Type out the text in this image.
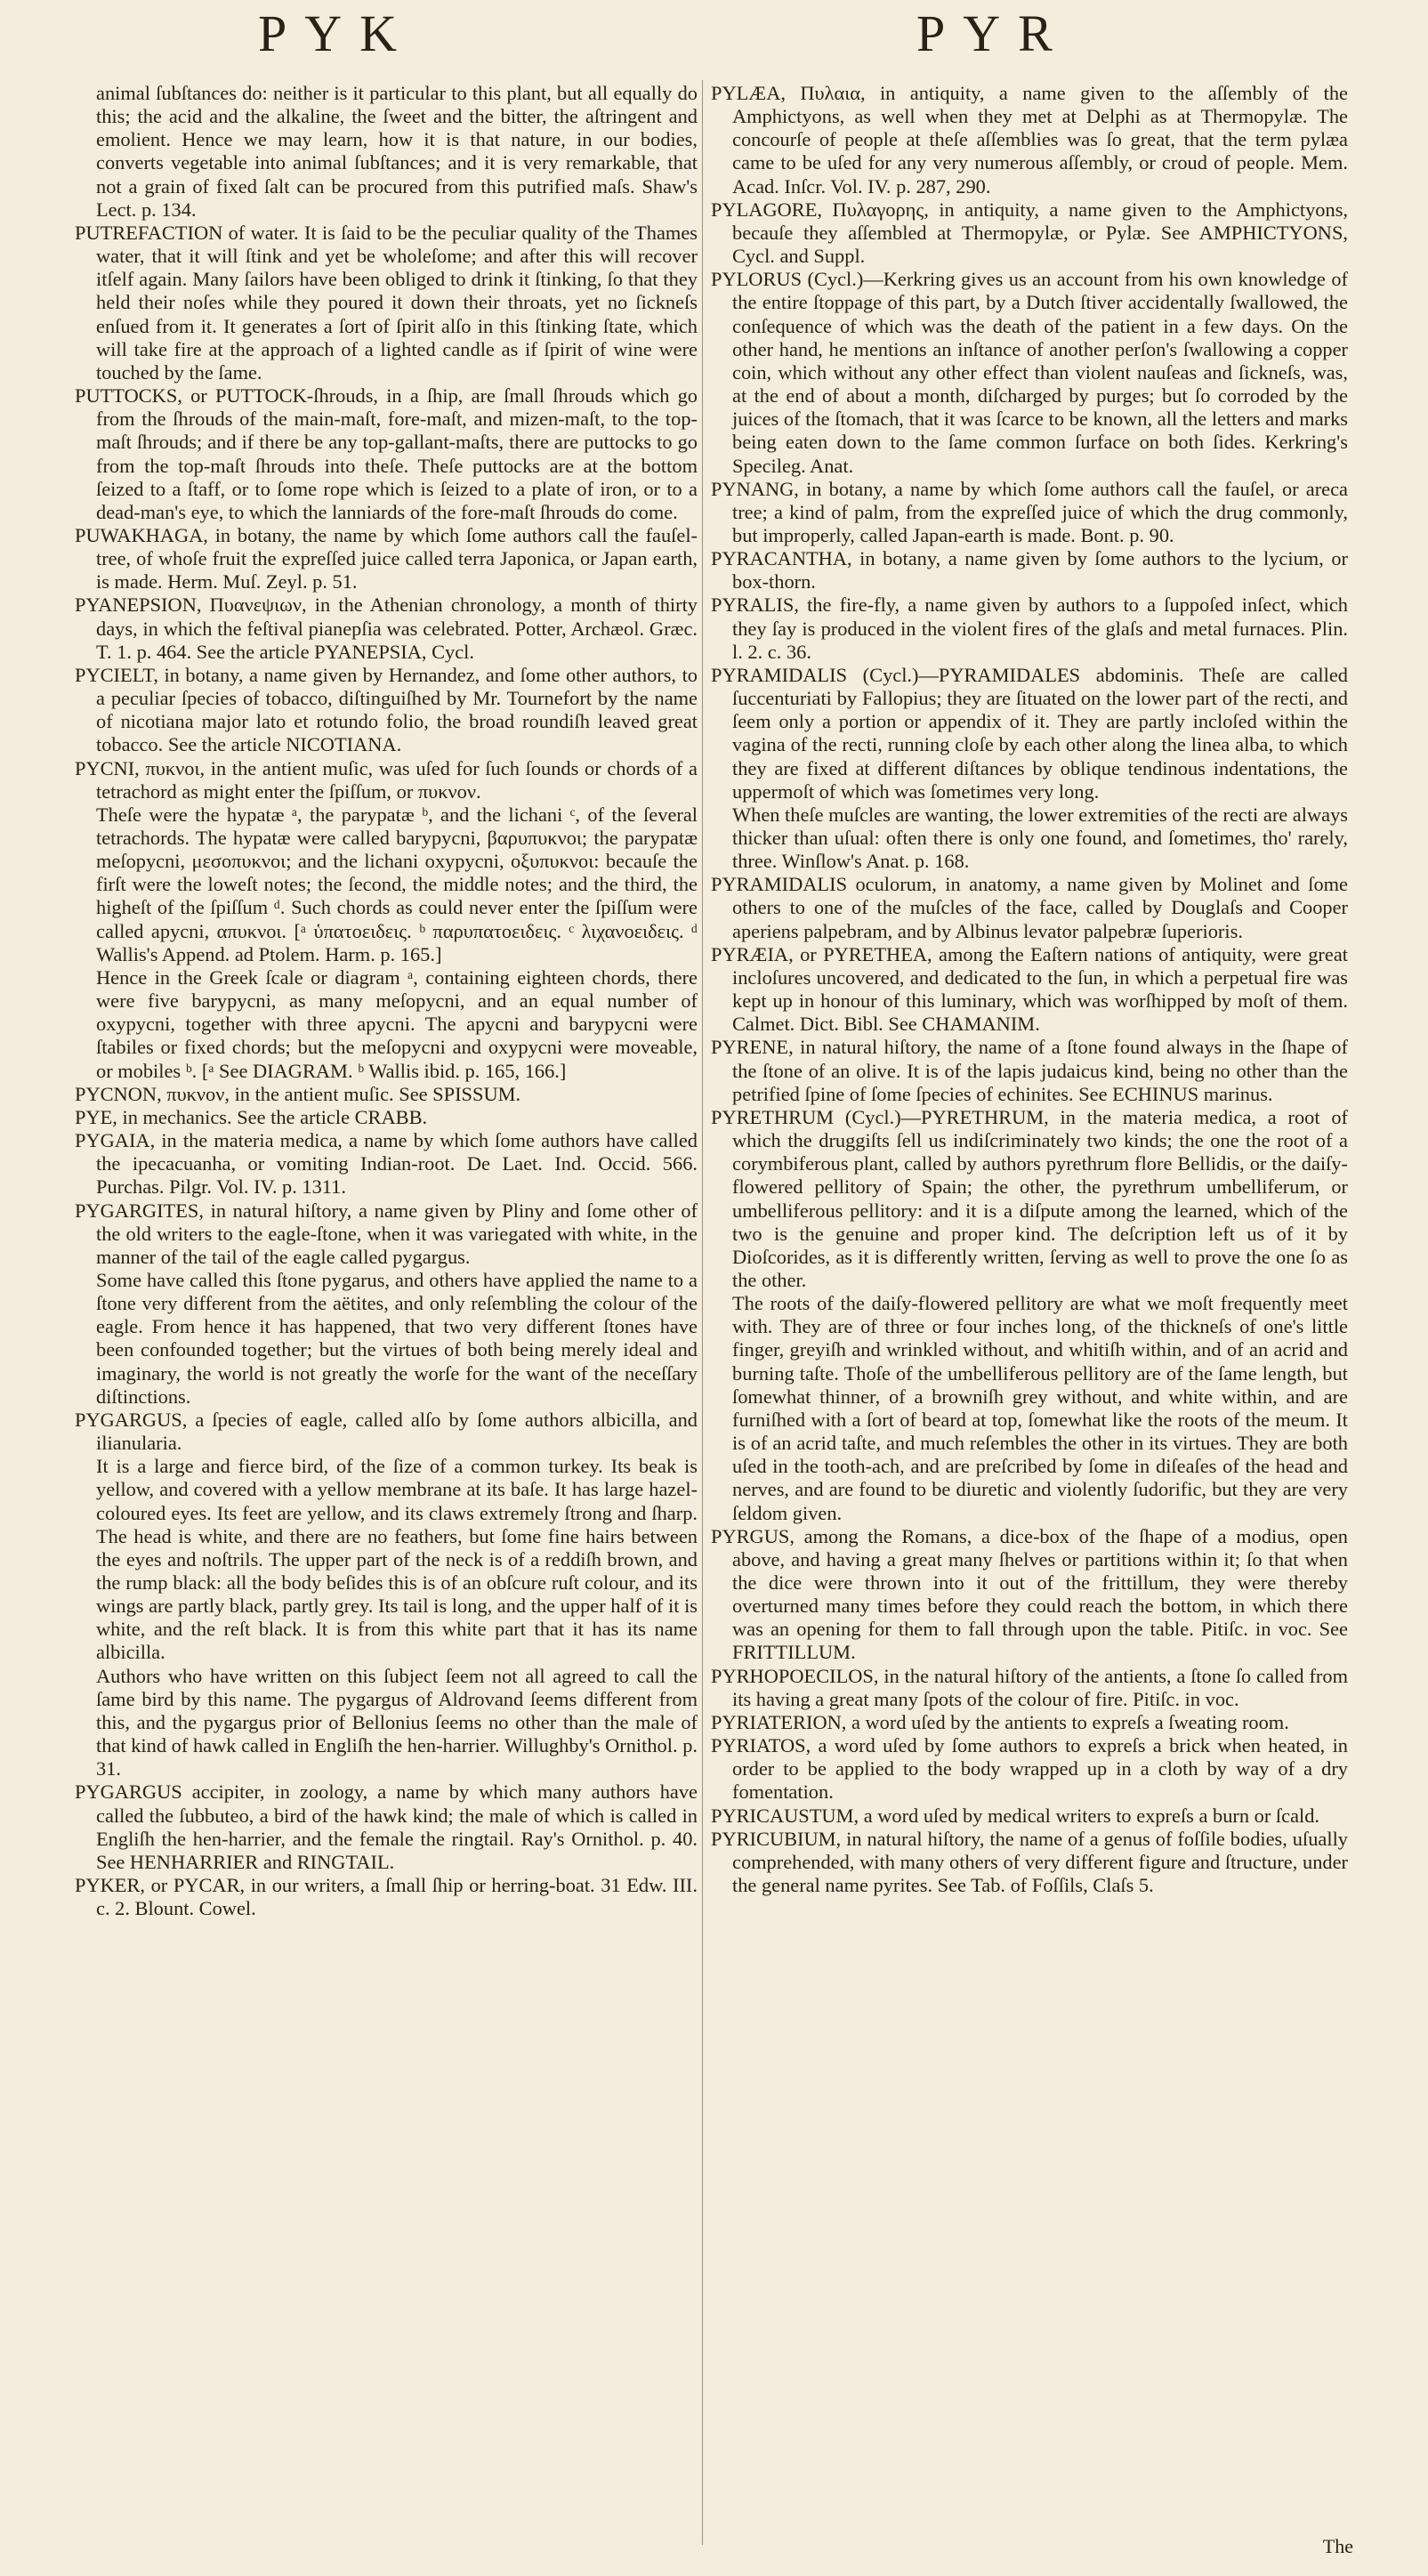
PYK	PYR

animal ſubſtances do: neither is it particular to this plant, but all equally do this; the acid and the alkaline, the ſweet and the bitter, the aſtringent and emolient. Hence we may learn, how it is that nature, in our bodies, converts vegetable into animal ſubſtances; and it is very remarkable, that not a grain of fixed ſalt can be procured from this putrified maſs. Shaw's Lect. p. 134.

PUTREFACTION of water. It is ſaid to be the peculiar quality of the Thames water, that it will ſtink and yet be wholeſome; and after this will recover itſelf again. Many ſailors have been obliged to drink it ſtinking, ſo that they held their noſes while they poured it down their throats, yet no ſickneſs enſued from it. It generates a ſort of ſpirit alſo in this ſtinking ſtate, which will take fire at the approach of a lighted candle as if ſpirit of wine were touched by the ſame.

PUTTOCKS, or PUTTOCK-ſhrouds, in a ſhip, are ſmall ſhrouds which go from the ſhrouds of the main-maſt, fore-maſt, and mizen-maſt, to the top-maſt ſhrouds; and if there be any top-gallant-maſts, there are puttocks to go from the top-maſt ſhrouds into theſe. Theſe puttocks are at the bottom ſeized to a ſtaff, or to ſome rope which is ſeized to a plate of iron, or to a dead-man's eye, to which the lanniards of the fore-maſt ſhrouds do come.

PUWAKHAGA, in botany, the name by which ſome authors call the fauſel-tree, of whoſe fruit the expreſſed juice called terra Japonica, or Japan earth, is made. Herm. Muſ. Zeyl. p. 51.

PYANEPSION, Πυανεψιων, in the Athenian chronology, a month of thirty days, in which the feſtival pianepſia was celebrated. Potter, Archæol. Græc. T. 1. p. 464. See the article PYANEPSIA, Cycl.

PYCIELT, in botany, a name given by Hernandez, and ſome other authors, to a peculiar ſpecies of tobacco, diſtinguiſhed by Mr. Tournefort by the name of nicotiana major lato et rotundo folio, the broad roundiſh leaved great tobacco. See the article NICOTIANA.

PYCNI, πυκνοι, in the antient muſic, was uſed for ſuch ſounds or chords of a tetrachord as might enter the ſpiſſum, or πυκνον.

Theſe were the hypatæ ᵃ, the parypatæ ᵇ, and the lichani ᶜ, of the ſeveral tetrachords. The hypatæ were called barypycni, βαρυπυκνοι; the parypatæ meſopycni, μεσοπυκνοι; and the lichani oxypycni, οξυπυκνοι: becauſe the firſt were the loweſt notes; the ſecond, the middle notes; and the third, the higheſt of the ſpiſſum ᵈ. Such chords as could never enter the ſpiſſum were called apycni, απυκνοι. [ᵃ ὑπατοειδεις. ᵇ παρυπατοειδεις. ᶜ λιχανοειδεις. ᵈ Wallis's Append. ad Ptolem. Harm. p. 165.]

Hence in the Greek ſcale or diagram ᵃ, containing eighteen chords, there were five barypycni, as many meſopycni, and an equal number of oxypycni, together with three apycni. The apycni and barypycni were ſtabiles or fixed chords; but the meſopycni and oxypycni were moveable, or mobiles ᵇ. [ᵃ See DIAGRAM. ᵇ Wallis ibid. p. 165, 166.]

PYCNON, πυκνον, in the antient muſic. See SPISSUM.

PYE, in mechanics. See the article CRABB.

PYGAIA, in the materia medica, a name by which ſome authors have called the ipecacuanha, or vomiting Indian-root. De Laet. Ind. Occid. 566. Purchas. Pilgr. Vol. IV. p. 1311.

PYGARGITES, in natural hiſtory, a name given by Pliny and ſome other of the old writers to the eagle-ſtone, when it was variegated with white, in the manner of the tail of the eagle called pygargus.

Some have called this ſtone pygarus, and others have applied the name to a ſtone very different from the aëtites, and only reſembling the colour of the eagle. From hence it has happened, that two very different ſtones have been confounded together; but the virtues of both being merely ideal and imaginary, the world is not greatly the worſe for the want of the neceſſary diſtinctions.

PYGARGUS, a ſpecies of eagle, called alſo by ſome authors albicilla, and ilianularia.

It is a large and fierce bird, of the ſize of a common turkey. Its beak is yellow, and covered with a yellow membrane at its baſe. It has large hazel-coloured eyes. Its feet are yellow, and its claws extremely ſtrong and ſharp. The head is white, and there are no feathers, but ſome fine hairs between the eyes and noſtrils. The upper part of the neck is of a reddiſh brown, and the rump black: all the body beſides this is of an obſcure ruſt colour, and its wings are partly black, partly grey. Its tail is long, and the upper half of it is white, and the reſt black. It is from this white part that it has its name albicilla.

Authors who have written on this ſubject ſeem not all agreed to call the ſame bird by this name. The pygargus of Aldrovand ſeems different from this, and the pygargus prior of Bellonius ſeems no other than the male of that kind of hawk called in Engliſh the hen-harrier. Willughby's Ornithol. p. 31.

PYGARGUS accipiter, in zoology, a name by which many authors have called the ſubbuteo, a bird of the hawk kind; the male of which is called in Engliſh the hen-harrier, and the female the ringtail. Ray's Ornithol. p. 40. See HENHARRIER and RINGTAIL.

PYKER, or PYCAR, in our writers, a ſmall ſhip or herring-boat. 31 Edw. III. c. 2. Blount. Cowel.

PYLÆA, Πυλαια, in antiquity, a name given to the aſſembly of the Amphictyons, as well when they met at Delphi as at Thermopylæ. The concourſe of people at theſe aſſemblies was ſo great, that the term pylæa came to be uſed for any very numerous aſſembly, or croud of people. Mem. Acad. Inſcr. Vol. IV. p. 287, 290.

PYLAGORE, Πυλαγορης, in antiquity, a name given to the Amphictyons, becauſe they aſſembled at Thermopylæ, or Pylæ. See AMPHICTYONS, Cycl. and Suppl.

PYLORUS (Cycl.)—Kerkring gives us an account from his own knowledge of the entire ſtoppage of this part, by a Dutch ſtiver accidentally ſwallowed, the conſequence of which was the death of the patient in a few days. On the other hand, he mentions an inſtance of another perſon's ſwallowing a copper coin, which without any other effect than violent nauſeas and ſickneſs, was, at the end of about a month, diſcharged by purges; but ſo corroded by the juices of the ſtomach, that it was ſcarce to be known, all the letters and marks being eaten down to the ſame common ſurface on both ſides. Kerkring's Specileg. Anat.

PYNANG, in botany, a name by which ſome authors call the fauſel, or areca tree; a kind of palm, from the expreſſed juice of which the drug commonly, but improperly, called Japan-earth is made. Bont. p. 90.

PYRACANTHA, in botany, a name given by ſome authors to the lycium, or box-thorn.

PYRALIS, the fire-fly, a name given by authors to a ſuppoſed inſect, which they ſay is produced in the violent fires of the glaſs and metal furnaces. Plin. l. 2. c. 36.

PYRAMIDALIS (Cycl.)—PYRAMIDALES abdominis. Theſe are called ſuccenturiati by Fallopius; they are ſituated on the lower part of the recti, and ſeem only a portion or appendix of it. They are partly incloſed within the vagina of the recti, running cloſe by each other along the linea alba, to which they are fixed at different diſtances by oblique tendinous indentations, the uppermoſt of which was ſometimes very long.

When theſe muſcles are wanting, the lower extremities of the recti are always thicker than uſual: often there is only one found, and ſometimes, tho' rarely, three. Winſlow's Anat. p. 168.

PYRAMIDALIS oculorum, in anatomy, a name given by Molinet and ſome others to one of the muſcles of the face, called by Douglaſs and Cooper aperiens palpebram, and by Albinus levator palpebræ ſuperioris.

PYRÆIA, or PYRETHEA, among the Eaſtern nations of antiquity, were great incloſures uncovered, and dedicated to the ſun, in which a perpetual fire was kept up in honour of this luminary, which was worſhipped by moſt of them. Calmet. Dict. Bibl. See CHAMANIM.

PYRENE, in natural hiſtory, the name of a ſtone found always in the ſhape of the ſtone of an olive. It is of the lapis judaicus kind, being no other than the petrified ſpine of ſome ſpecies of echinites. See ECHINUS marinus.

PYRETHRUM (Cycl.)—PYRETHRUM, in the materia medica, a root of which the druggiſts ſell us indiſcriminately two kinds; the one the root of a corymbiferous plant, called by authors pyrethrum flore Bellidis, or the daiſy-flowered pellitory of Spain; the other, the pyrethrum umbelliferum, or umbelliferous pellitory: and it is a diſpute among the learned, which of the two is the genuine and proper kind. The deſcription left us of it by Dioſcorides, as it is differently written, ſerving as well to prove the one ſo as the other.

The roots of the daiſy-flowered pellitory are what we moſt frequently meet with. They are of three or four inches long, of the thickneſs of one's little finger, greyiſh and wrinkled without, and whitiſh within, and of an acrid and burning taſte. Thoſe of the umbelliferous pellitory are of the ſame length, but ſomewhat thinner, of a browniſh grey without, and white within, and are furniſhed with a ſort of beard at top, ſomewhat like the roots of the meum. It is of an acrid taſte, and much reſembles the other in its virtues. They are both uſed in the tooth-ach, and are preſcribed by ſome in diſeaſes of the head and nerves, and are found to be diuretic and violently ſudorific, but they are very ſeldom given.

PYRGUS, among the Romans, a dice-box of the ſhape of a modius, open above, and having a great many ſhelves or partitions within it; ſo that when the dice were thrown into it out of the frittillum, they were thereby overturned many times before they could reach the bottom, in which there was an opening for them to fall through upon the table. Pitiſc. in voc. See FRITTILLUM.

PYRHOPOECILOS, in the natural hiſtory of the antients, a ſtone ſo called from its having a great many ſpots of the colour of fire. Pitiſc. in voc.

PYRIATERION, a word uſed by the antients to expreſs a ſweating room.

PYRIATOS, a word uſed by ſome authors to expreſs a brick when heated, in order to be applied to the body wrapped up in a cloth by way of a dry fomentation.

PYRICAUSTUM, a word uſed by medical writers to expreſs a burn or ſcald.

PYRICUBIUM, in natural hiſtory, the name of a genus of foſſile bodies, uſually comprehended, with many others of very different figure and ſtructure, under the general name pyrites. See Tab. of Foſſils, Claſs 5.

The
